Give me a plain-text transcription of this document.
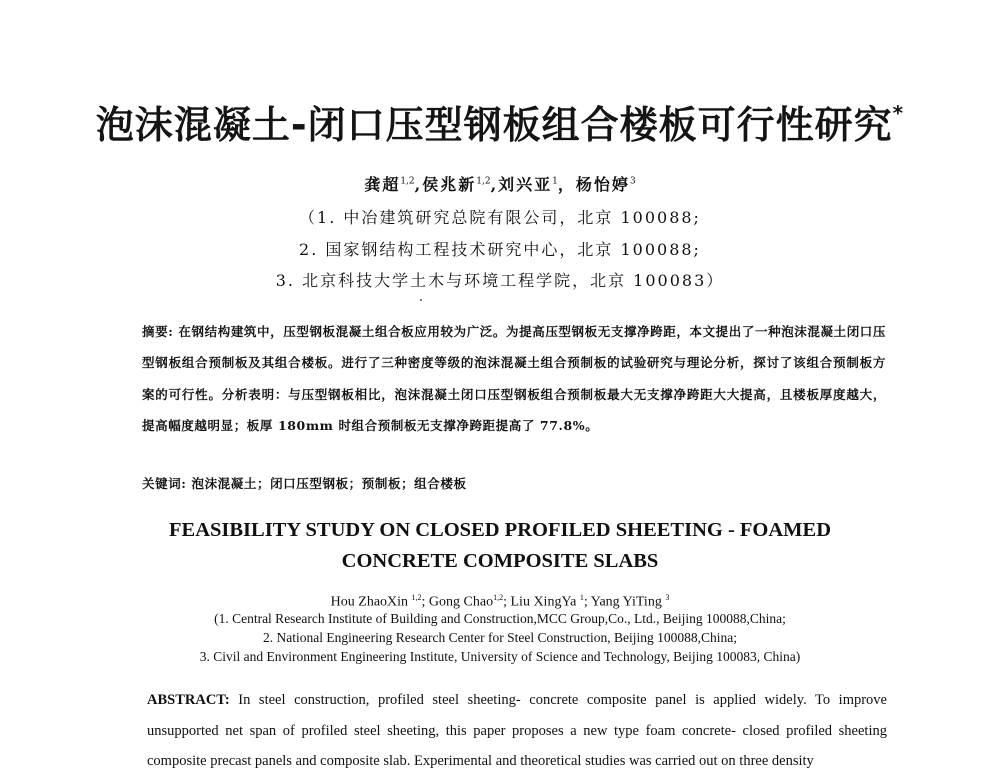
泡沫混凝土-闭口压型钢板组合楼板可行性研究*
龚超$^{1,2}$,侯兆新$^{1,2}$,刘兴亚$^1$，杨怡婷$^3$
（1. 中冶建筑研究总院有限公司，北京 100088;
2. 国家钢结构工程技术研究中心，北京 100088;
3. 北京科技大学土木与环境工程学院，北京 100083）
摘要: 在钢结构建筑中，压型钢板混凝土组合板应用较为广泛。为提高压型钢板无支撑净跨距，本文提出了一种泡沫混凝土闭口压型钢板组合预制板及其组合楼板。进行了三种密度等级的泡沫混凝土组合预制板的试验研究与理论分析，探讨了该组合预制板方案的可行性。分析表明：与压型钢板相比，泡沫混凝土闭口压型钢板组合预制板最大无支撑净跨距大大提高，且楼板厚度越大，提高幅度越明显；板厚 180mm 时组合预制板无支撑净跨距提高了 77.8%。
关键词: 泡沫混凝土；闭口压型钢板；预制板；组合楼板
FEASIBILITY STUDY ON CLOSED PROFILED SHEETING - FOAMED
CONCRETE COMPOSITE SLABS
Hou ZhaoXin $^{1,2}$; Gong Chao$^{1,2}$; Liu XingYa $^1$; Yang YiTing $^3$
(1. Central Research Institute of Building and Construction,MCC Group,Co., Ltd., Beijing 100088,China;
2. National Engineering Research Center for Steel Construction, Beijing 100088,China;
3. Civil and Environment Engineering Institute, University of Science and Technology, Beijing 100083, China)
ABSTRACT: In steel construction, profiled steel sheeting- concrete composite panel is applied widely. To improve unsupported net span of profiled steel sheeting, this paper proposes a new type foam concrete- closed profiled sheeting composite precast panels and composite slab. Experimental and theoretical studies was carried out on three density
